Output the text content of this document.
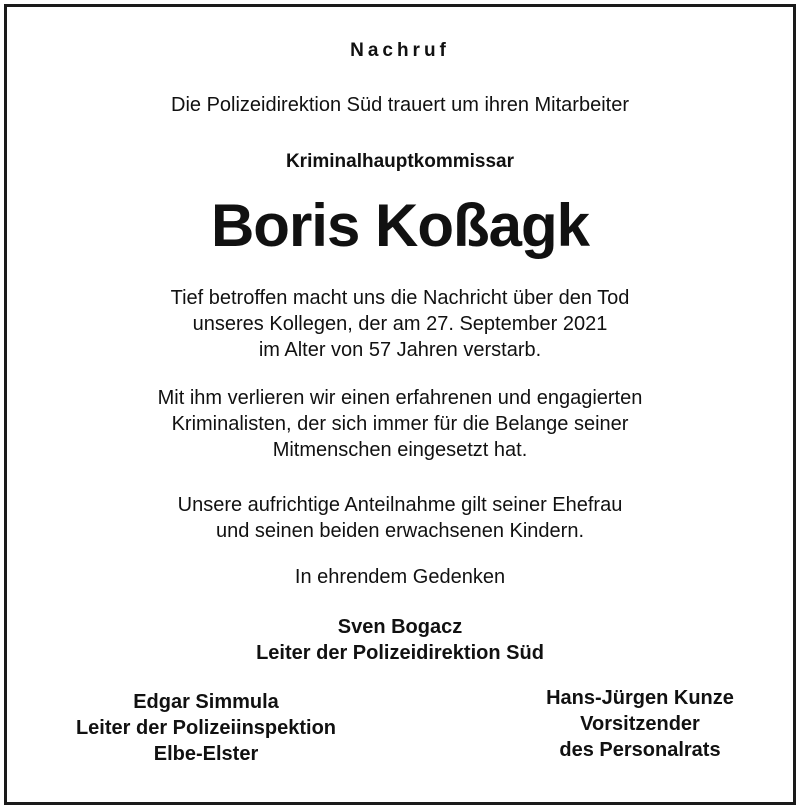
Nachruf
Die Polizeidirektion Süd trauert um ihren Mitarbeiter
Kriminalhauptkommissar
Boris Koßagk
Tief betroffen macht uns die Nachricht über den Tod
unseres Kollegen, der am 27. September 2021
im Alter von 57 Jahren verstarb.
Mit ihm verlieren wir einen erfahrenen und engagierten
Kriminalisten, der sich immer für die Belange seiner
Mitmenschen eingesetzt hat.
Unsere aufrichtige Anteilnahme gilt seiner Ehefrau
und seinen beiden erwachsenen Kindern.
In ehrendem Gedenken
Sven Bogacz
Leiter der Polizeidirektion Süd
Edgar Simmula
Leiter der Polizeiinspektion
Elbe-Elster
Hans-Jürgen Kunze
Vorsitzender
des Personalrats
